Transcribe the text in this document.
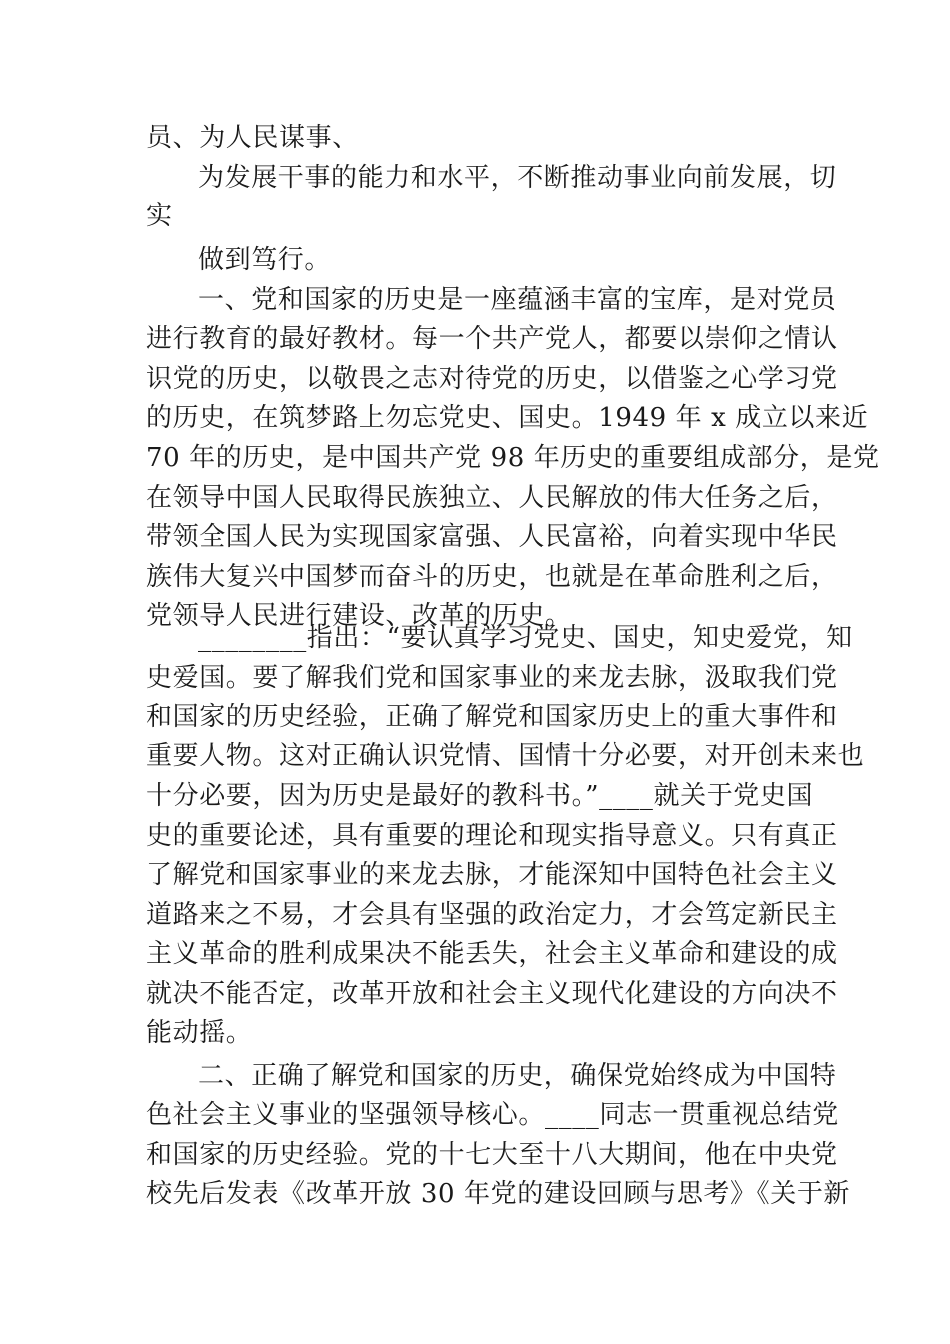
员、为人民谋事、
为发展干事的能力和水平，不断推动事业向前发展，切
实
做到笃行。
一、党和国家的历史是一座蕴涵丰富的宝库，是对党员
进行教育的最好教材。每一个共产党人，都要以崇仰之情认
识党的历史，以敬畏之志对待党的历史，以借鉴之心学习党
的历史，在筑梦路上勿忘党史、国史。1949 年 x 成立以来近
70 年的历史，是中国共产党 98 年历史的重要组成部分，是党
在领导中国人民取得民族独立、人民解放的伟大任务之后，
带领全国人民为实现国家富强、人民富裕，向着实现中华民
族伟大复兴中国梦而奋斗的历史，也就是在革命胜利之后，
党领导人民进行建设、改革的历史。
________指出：“要认真学习党史、国史，知史爱党，知
史爱国。要了解我们党和国家事业的来龙去脉，汲取我们党
和国家的历史经验，正确了解党和国家历史上的重大事件和
重要人物。这对正确认识党情、国情十分必要，对开创未来也
十分必要，因为历史是最好的教科书。”____就关于党史国
史的重要论述，具有重要的理论和现实指导意义。只有真正
了解党和国家事业的来龙去脉，才能深知中国特色社会主义
道路来之不易，才会具有坚强的政治定力，才会笃定新民主
主义革命的胜利成果决不能丢失，社会主义革命和建设的成
就决不能否定，改革开放和社会主义现代化建设的方向决不
能动摇。
二、正确了解党和国家的历史，确保党始终成为中国特
色社会主义事业的坚强领导核心。____同志一贯重视总结党
和国家的历史经验。党的十七大至十八大期间，他在中央党
校先后发表《改革开放 30 年党的建设回顾与思考》《关于新
